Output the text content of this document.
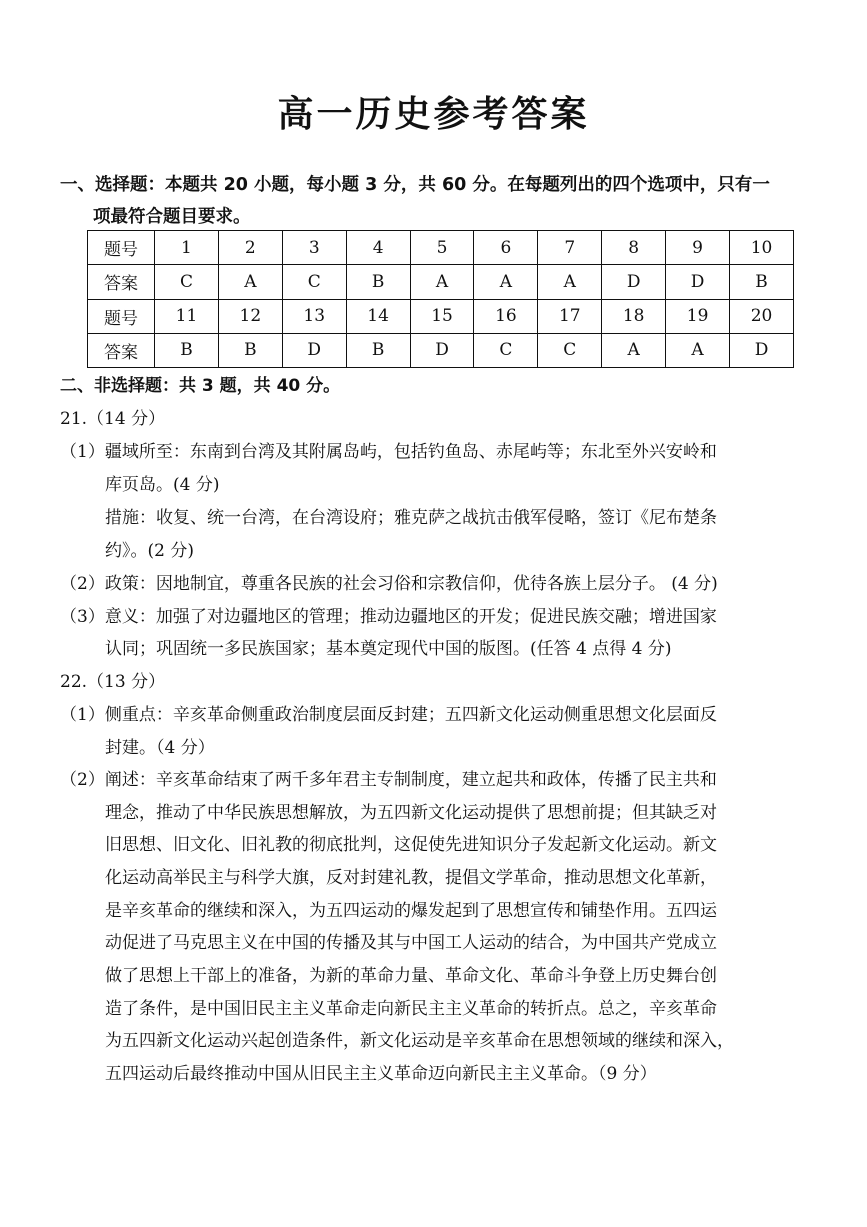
高一历史参考答案
一、选择题：本题共 20 小题，每小题 3 分，共 60 分。在每题列出的四个选项中，只有一
项最符合题目要求。
题号	1	2	3	4	5	6	7	8	9	10
答案	C	A	C	B	A	A	A	D	D	B
题号	11	12	13	14	15	16	17	18	19	20
答案	B	B	D	B	D	C	C	A	A	D
二、非选择题：共 3 题，共 40 分。
21.（14 分）
（1）疆域所至：东南到台湾及其附属岛屿，包括钓鱼岛、赤尾屿等；东北至外兴安岭和
库页岛。(4 分)
措施：收复、统一台湾，在台湾设府；雅克萨之战抗击俄军侵略，签订《尼布楚条
约》。(2 分)
（2）政策：因地制宜，尊重各民族的社会习俗和宗教信仰，优待各族上层分子。 (4 分)
（3）意义：加强了对边疆地区的管理；推动边疆地区的开发；促进民族交融；增进国家
认同；巩固统一多民族国家；基本奠定现代中国的版图。(任答 4 点得 4 分)
22.（13 分）
（1）侧重点：辛亥革命侧重政治制度层面反封建；五四新文化运动侧重思想文化层面反
封建。（4 分）
（2）阐述：辛亥革命结束了两千多年君主专制制度，建立起共和政体，传播了民主共和
理念，推动了中华民族思想解放，为五四新文化运动提供了思想前提；但其缺乏对
旧思想、旧文化、旧礼教的彻底批判，这促使先进知识分子发起新文化运动。新文
化运动高举民主与科学大旗，反对封建礼教，提倡文学革命，推动思想文化革新，
是辛亥革命的继续和深入，为五四运动的爆发起到了思想宣传和铺垫作用。五四运
动促进了马克思主义在中国的传播及其与中国工人运动的结合，为中国共产党成立
做了思想上干部上的准备，为新的革命力量、革命文化、革命斗争登上历史舞台创
造了条件，是中国旧民主主义革命走向新民主主义革命的转折点。总之，辛亥革命
为五四新文化运动兴起创造条件，新文化运动是辛亥革命在思想领域的继续和深入，
五四运动后最终推动中国从旧民主主义革命迈向新民主主义革命。（9 分）
